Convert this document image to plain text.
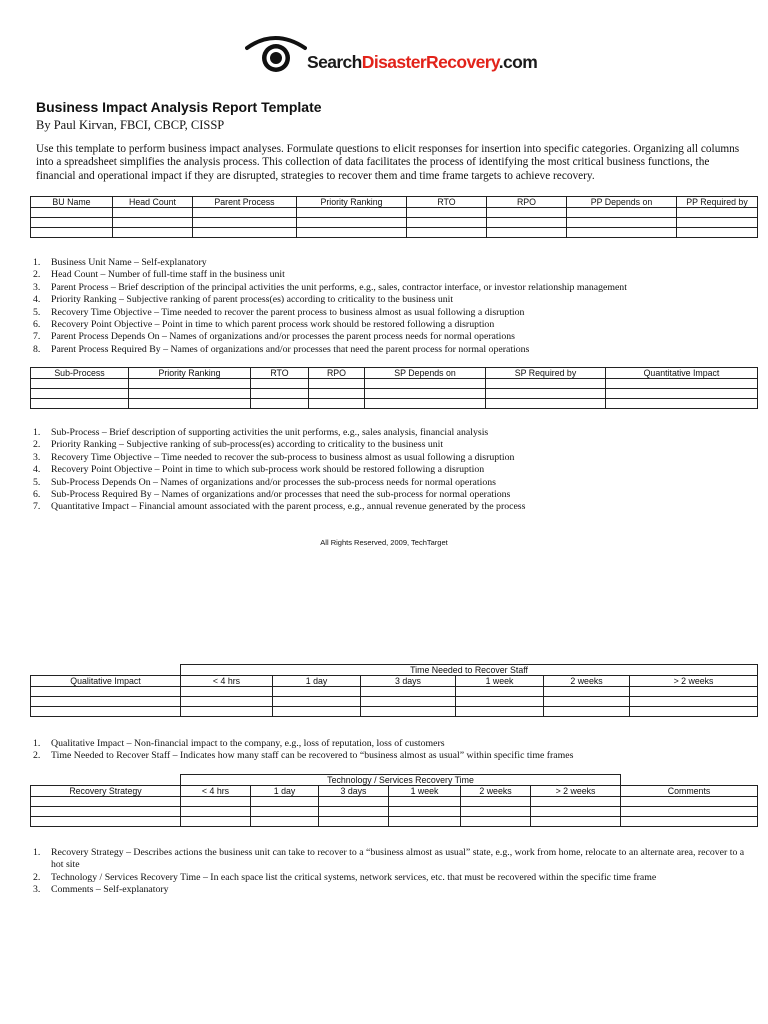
SearchDisasterRecovery.com
Business Impact Analysis Report Template
By Paul Kirvan, FBCI, CBCP, CISSP
Use this template to perform business impact analyses. Formulate questions to elicit responses for insertion into specific categories. Organizing all columns into a spreadsheet simplifies the analysis process. This collection of data facilitates the process of identifying the most critical business functions, the financial and operational impact if they are disrupted, strategies to recover them and time frame targets to achieve recovery.
BU Name	Head Count	Parent Process	Priority Ranking	RTO	RPO	PP Depends on	PP Required by

1. Business Unit Name – Self-explanatory
2. Head Count – Number of full-time staff in the business unit
3. Parent Process – Brief description of the principal activities the unit performs, e.g., sales, contractor interface, or investor relationship management
4. Priority Ranking – Subjective ranking of parent process(es) according to criticality to the business unit
5. Recovery Time Objective – Time needed to recover the parent process to business almost as usual following a disruption
6. Recovery Point Objective – Point in time to which parent process work should be restored following a disruption
7. Parent Process Depends On – Names of organizations and/or processes the parent process needs for normal operations
8. Parent Process Required By – Names of organizations and/or processes that need the parent process for normal operations
Sub-Process	Priority Ranking	RTO	RPO	SP Depends on	SP Required by	Quantitative Impact

1. Sub-Process – Brief description of supporting activities the unit performs, e.g., sales analysis, financial analysis
2. Priority Ranking – Subjective ranking of sub-process(es) according to criticality to the business unit
3. Recovery Time Objective – Time needed to recover the sub-process to business almost as usual following a disruption
4. Recovery Point Objective – Point in time to which sub-process work should be restored following a disruption
5. Sub-Process Depends On – Names of organizations and/or processes the sub-process needs for normal operations
6. Sub-Process Required By – Names of organizations and/or processes that need the sub-process for normal operations
7. Quantitative Impact – Financial amount associated with the parent process, e.g., annual revenue generated by the process
All Rights Reserved, 2009, TechTarget
	Time Needed to Recover Staff					
Qualitative Impact	< 4 hrs	1 day	3 days	1 week	2 weeks	> 2 weeks

1. Qualitative Impact – Non-financial impact to the company, e.g., loss of reputation, loss of customers
2. Time Needed to Recover Staff – Indicates how many staff can be recovered to “business almost as usual” within specific time frames
	Technology / Services Recovery Time						
Recovery Strategy	< 4 hrs	1 day	3 days	1 week	2 weeks	> 2 weeks	Comments

1. Recovery Strategy – Describes actions the business unit can take to recover to a “business almost as usual” state, e.g., work from home, relocate to an alternate area, recover to a hot site
2. Technology / Services Recovery Time – In each space list the critical systems, network services, etc. that must be recovered within the specific time frame
3. Comments – Self-explanatory
